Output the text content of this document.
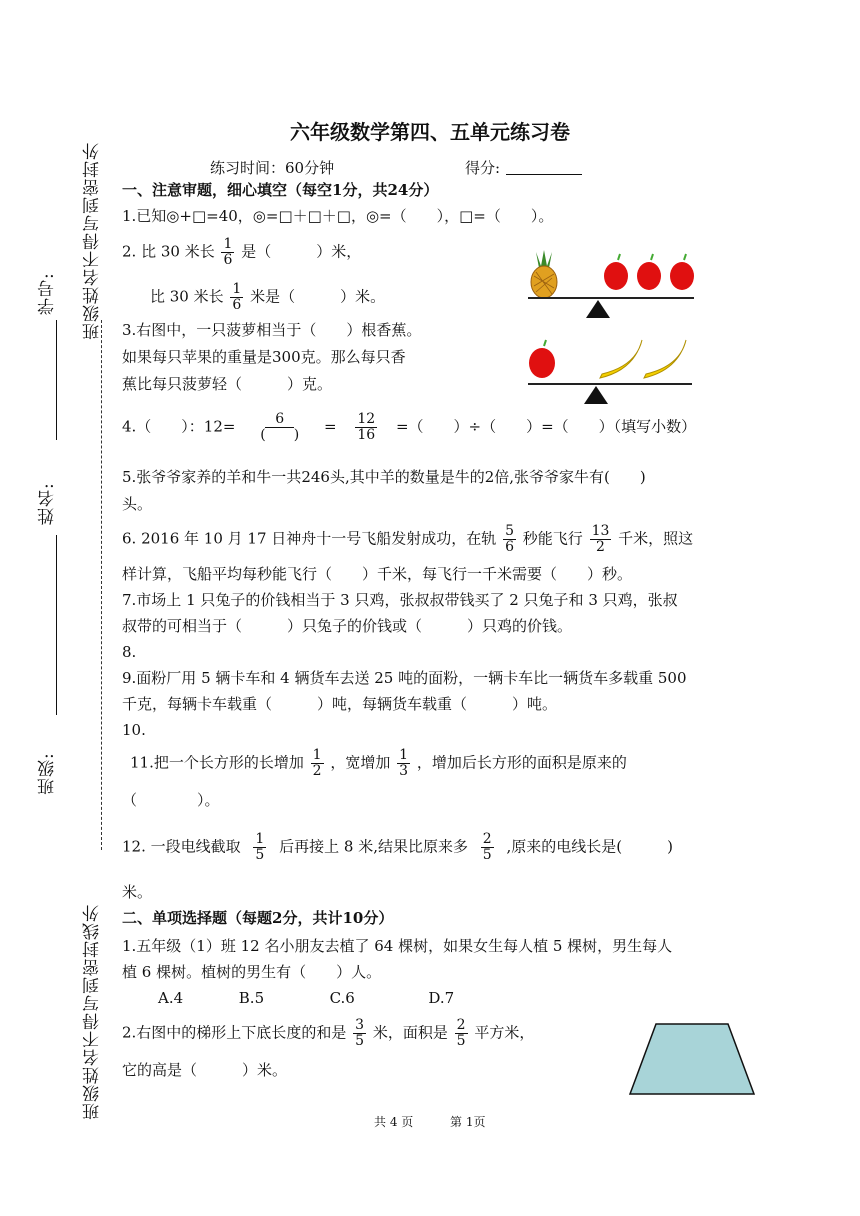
班级姓名不得写到密封外
班级姓名不得写到密封线外
学号:
姓名:
班级:
六年级数学第四、五单元练习卷
练习时间：60分钟	得分:
一、注意审题，细心填空（每空1分，共24分）
1.已知◎+□=40，◎=□＋□＋□，◎=（　　），□=（　　）。
2. 比 30 米长 $\frac{1}{6}$ 是（　　　）米，
比 30 米长 $\frac{1}{6}$ 米是（　　　）米。
3.右图中，一只菠萝相当于（　　）根香蕉。
如果每只苹果的重量是300克。那么每只香
蕉比每只菠萝轻（　　　）克。
4.（　　）：$12= \frac{6}{( )} = \frac{12}{16}$ =（　　）÷（　　）=（　　）（填写小数）
5.张爷爷家养的羊和牛一共246头,其中羊的数量是牛的2倍,张爷爷家牛有(　　)
头。
6. 2016 年 10 月 17 日神舟十一号飞船发射成功，在轨 $\frac{5}{6}$ 秒能飞行 $\frac{13}{2}$ 千米，照这
样计算，飞船平均每秒能飞行（　　）千米，每飞行一千米需要（　　）秒。
7.市场上 1 只兔子的价钱相当于 3 只鸡，张叔叔带钱买了 2 只兔子和 3 只鸡，张叔
叔带的可相当于（　　　）只兔子的价钱或（　　　）只鸡的价钱。
8.
9.面粉厂用 5 辆卡车和 4 辆货车去送 25 吨的面粉，一辆卡车比一辆货车多载重 500
千克，每辆卡车载重（　　　）吨，每辆货车载重（　　　）吨。
10.
11.把一个长方形的长增加 $\frac{1}{2}$ ，宽增加 $\frac{1}{3}$ ，增加后长方形的面积是原来的
（　　　　）。
12. 一段电线截取 $\frac{1}{5}$ 后再接上 8 米,结果比原来多 $\frac{2}{5}$ ,原来的电线长是(　　　)
米。
二、单项选择题（每题2分，共计10分）
1.五年级（1）班 12 名小朋友去植了 64 棵树，如果女生每人植 5 棵树，男生每人
植 6 棵树。植树的男生有（　　）人。
A.4	B.5	C.6	D.7
2.右图中的梯形上下底长度的和是 $\frac{3}{5}$ 米，面积是 $\frac{2}{5}$ 平方米，
它的高是（　　　）米。
共 4 页	第 1页
